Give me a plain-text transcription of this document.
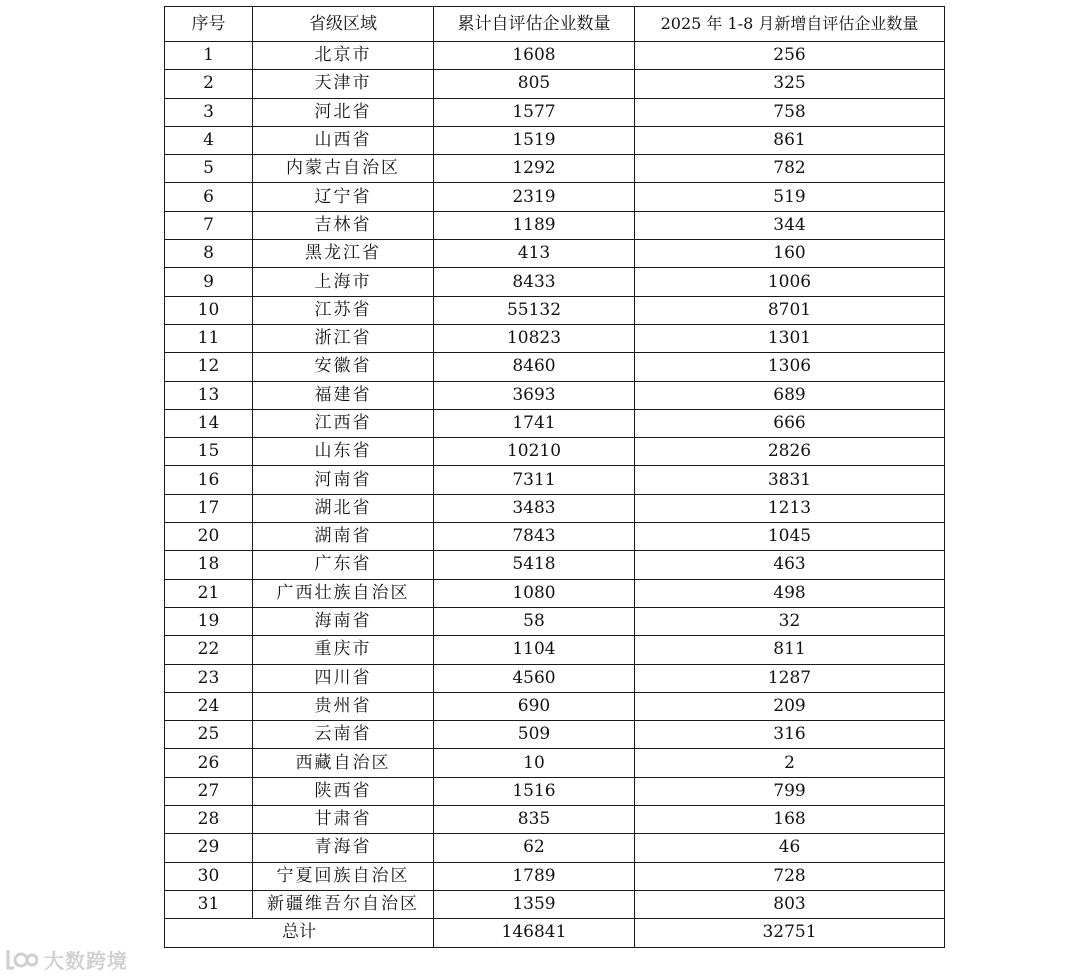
序号	省级区域	累计自评估企业数量	2025 年 1-8 月新增自评估企业数量
1	北京市	1608	256
2	天津市	805	325
3	河北省	1577	758
4	山西省	1519	861
5	内蒙古自治区	1292	782
6	辽宁省	2319	519
7	吉林省	1189	344
8	黑龙江省	413	160
9	上海市	8433	1006
10	江苏省	55132	8701
11	浙江省	10823	1301
12	安徽省	8460	1306
13	福建省	3693	689
14	江西省	1741	666
15	山东省	10210	2826
16	河南省	7311	3831
17	湖北省	3483	1213
20	湖南省	7843	1045
18	广东省	5418	463
21	广西壮族自治区	1080	498
19	海南省	58	32
22	重庆市	1104	811
23	四川省	4560	1287
24	贵州省	690	209
25	云南省	509	316
26	西藏自治区	10	2
27	陕西省	1516	799
28	甘肃省	835	168
29	青海省	62	46
30	宁夏回族自治区	1789	728
31	新疆维吾尔自治区	1359	803
总计		146841	32751
大数跨境
